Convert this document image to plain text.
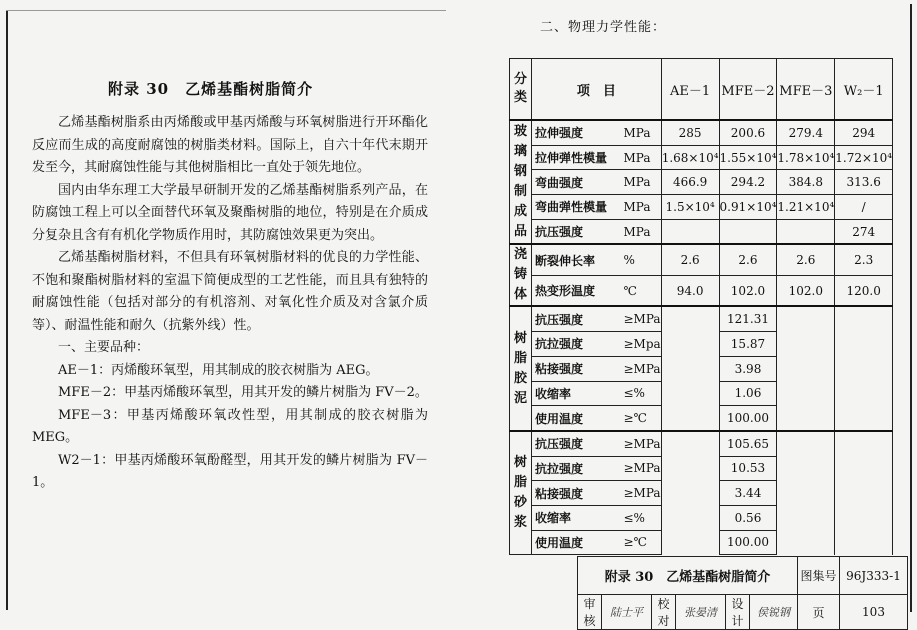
附录 30　乙烯基酯树脂简介

乙烯基酯树脂系由丙烯酸或甲基丙烯酸与环氧树脂进行开环酯化反应而生成的高度耐腐蚀的树脂类材料。国际上，自六十年代末期开发至今，其耐腐蚀性能与其他树脂相比一直处于领先地位。

国内由华东理工大学最早研制开发的乙烯基酯树脂系列产品，在防腐蚀工程上可以全面替代环氧及聚酯树脂的地位，特别是在介质成分复杂且含有有机化学物质作用时，其防腐蚀效果更为突出。

乙烯基酯树脂材料，不但具有环氧树脂材料的优良的力学性能、不饱和聚酯树脂材料的室温下简便成型的工艺性能，而且具有独特的耐腐蚀性能（包括对部分的有机溶剂、对氧化性介质及对含氯介质等）、耐温性能和耐久（抗紫外线）性。

一、主要品种：

AE－1：丙烯酸环氧型，用其制成的胶衣树脂为 AEG。

MFE－2：甲基丙烯酸环氧型，用其开发的鳞片树脂为 FV－2。

MFE－3：甲基丙烯酸环氧改性型，用其制成的胶衣树脂为MEG。

W2－1：甲基丙烯酸环氧酚醛型，用其开发的鳞片树脂为 FV－1。

二、物理力学性能：
分类	项　目		AE－1	MFE－2	MFE－3	W₂－1
玻璃钢制成品	拉伸强度	MPa	285	200.6	279.4	294
	拉伸弹性模量	MPa	1.68×10⁴	1.55×10⁴	1.78×10⁴	1.72×10⁴
	弯曲强度	MPa	466.9	294.2	384.8	313.6
	弯曲弹性模量	MPa	1.5×10⁴	0.91×10⁴	1.21×10⁴	/
	抗压强度	MPa				274
浇铸体	断裂伸长率	%	2.6	2.6	2.6	2.3
	热变形温度	℃	94.0	102.0	102.0	120.0
树脂胶泥	抗压强度	≥MPa		121.31		
	抗拉强度	≥Mpa		15.87		
	粘接强度	≥MPa		3.98		
	收缩率	≤%		1.06		
	使用温度	≥℃		100.00		
树脂砂浆	抗压强度	≥MPa		105.65		
	抗拉强度	≥MPa		10.53		
	粘接强度	≥MPa		3.44		
	收缩率	≤%		0.56		
	使用温度	≥℃		100.00		
附录 30　乙烯基酯树脂简介						图集号	96J333-1
审核	陆士平	校对	张晏清	设计	侯锐钢	页	103
